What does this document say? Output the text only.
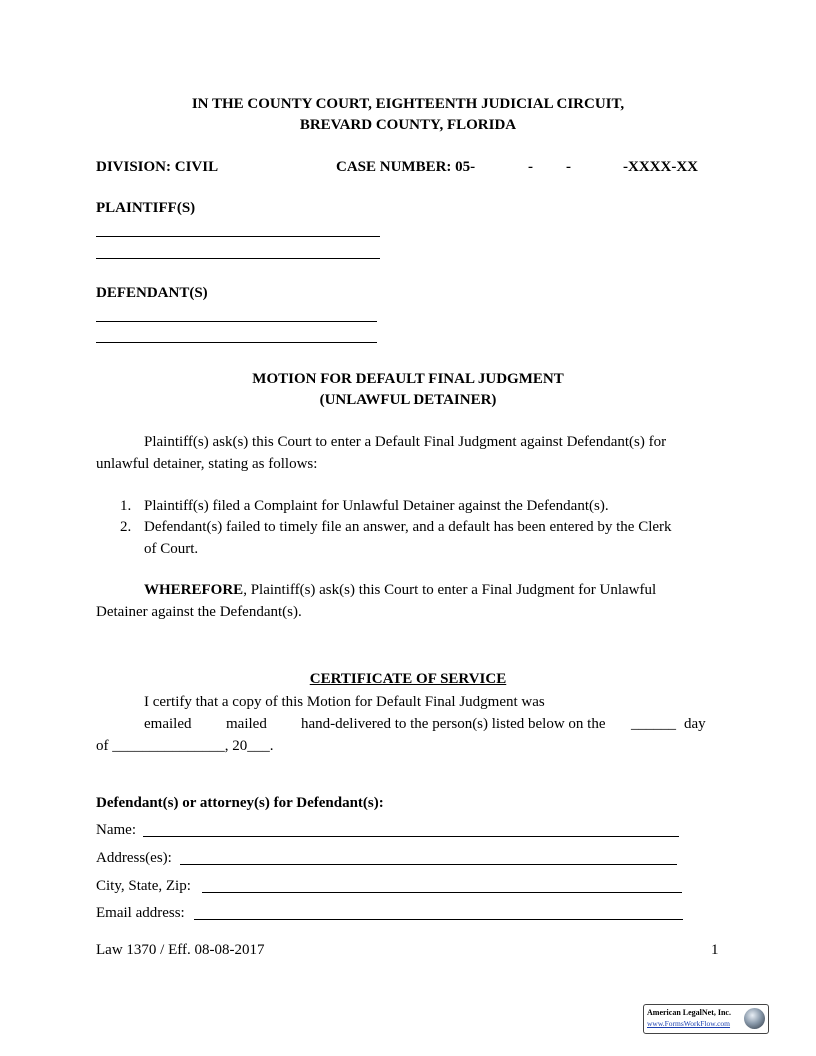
IN THE COUNTY COURT, EIGHTEENTH JUDICIAL CIRCUIT,
BREVARD COUNTY, FLORIDA
DIVISION: CIVIL	CASE NUMBER: 05-	- -	-XXXX-XX
PLAINTIFF(S)
DEFENDANT(S)
MOTION FOR DEFAULT FINAL JUDGMENT
(UNLAWFUL DETAINER)
Plaintiff(s) ask(s) this Court to enter a Default Final Judgment against Defendant(s) for
unlawful detainer, stating as follows:
1. Plaintiff(s) filed a Complaint for Unlawful Detainer against the Defendant(s).
2. Defendant(s) failed to timely file an answer, and a default has been entered by the Clerk
of Court.
WHEREFORE, Plaintiff(s) ask(s) this Court to enter a Final Judgment for Unlawful
Detainer against the Defendant(s).
CERTIFICATE OF SERVICE
I certify that a copy of this Motion for Default Final Judgment was
emailed mailed hand-delivered to the person(s) listed below on the ______ day
of _______________, 20___.
Defendant(s) or attorney(s) for Defendant(s):
Name:
Address(es):
City, State, Zip:
Email address:
Law 1370 / Eff. 08-08-2017	1
American LegalNet, Inc.
www.FormsWorkFlow.com
